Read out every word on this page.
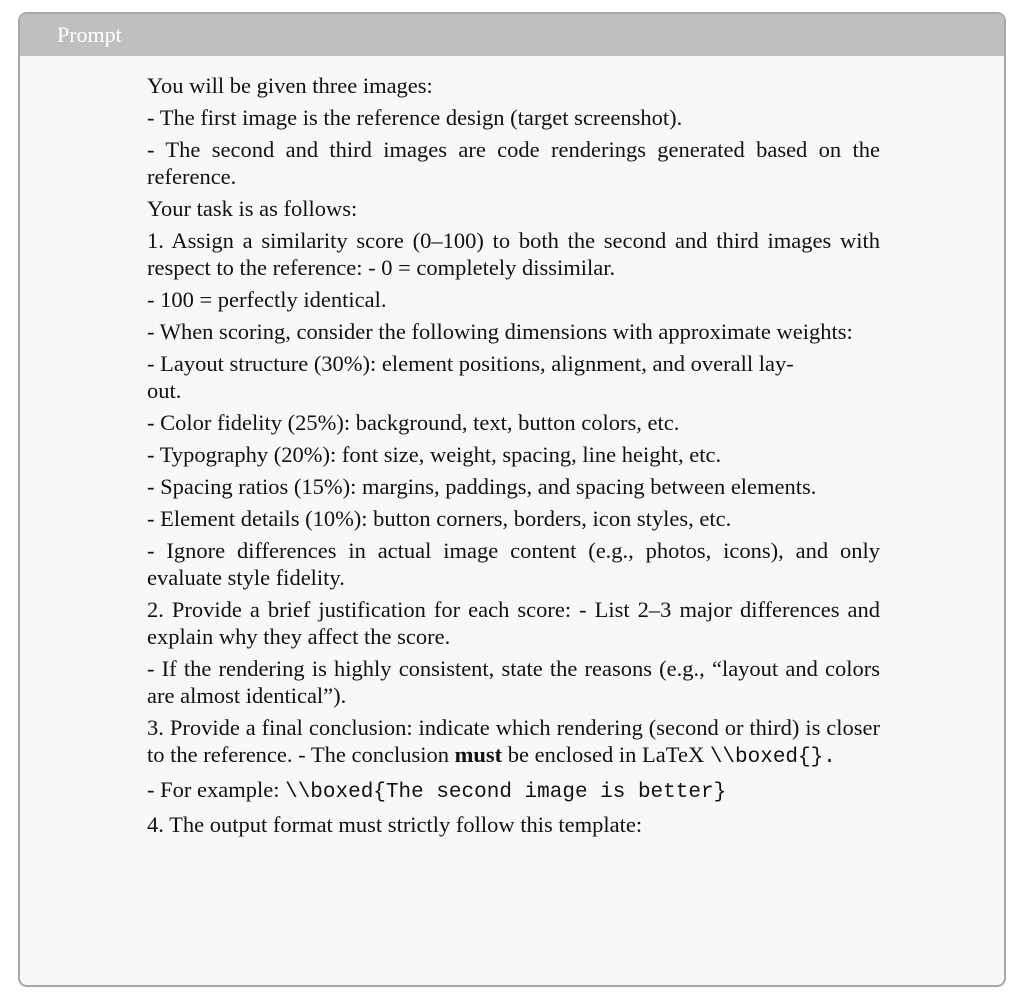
Prompt

You will be given three images:

- The first image is the reference design (target screenshot).

- The second and third images are code renderings generated based on the reference.

Your task is as follows:

1. Assign a similarity score (0–100) to both the second and third images with respect to the reference: - 0 = completely dissimilar.

- 100 = perfectly identical.

- When scoring, consider the following dimensions with approximate weights:

- Layout structure (30%): element positions, alignment, and overall lay-
out.

- Color fidelity (25%): background, text, button colors, etc.

- Typography (20%): font size, weight, spacing, line height, etc.

- Spacing ratios (15%): margins, paddings, and spacing between elements.

- Element details (10%): button corners, borders, icon styles, etc.

- Ignore differences in actual image content (e.g., photos, icons), and only evaluate style fidelity.

2. Provide a brief justification for each score: - List 2–3 major differences and explain why they affect the score.

- If the rendering is highly consistent, state the reasons (e.g., “layout and colors are almost identical”).

3. Provide a final conclusion: indicate which rendering (second or third) is closer to the reference. - The conclusion must be enclosed in LaTeX \\boxed{}.

- For example: \\boxed{The second image is better}

4. The output format must strictly follow this template:
